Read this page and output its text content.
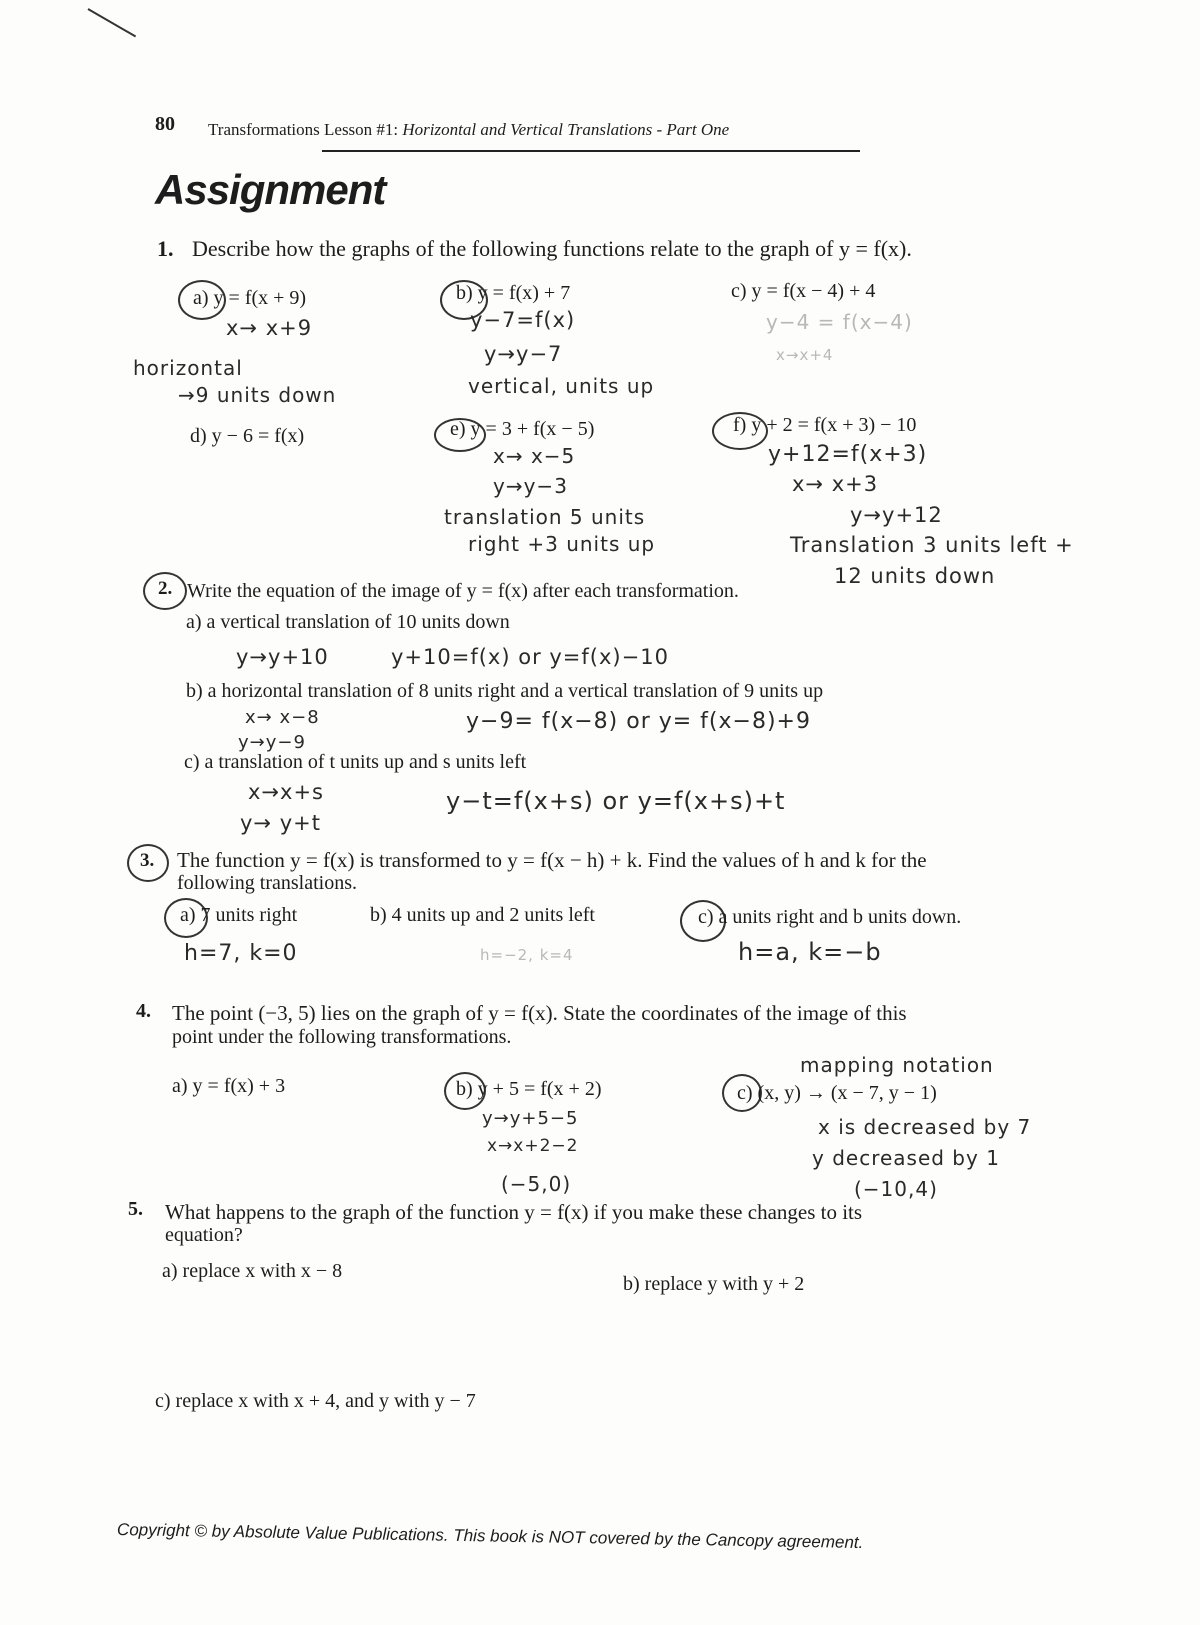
80 Transformations Lesson #1: Horizontal and Vertical Translations - Part One
Assignment
1. Describe how the graphs of the following functions relate to the graph of y = f(x).
a) y = f(x + 9)
x→ x+9
horizontal
→9 units down
b) y = f(x) + 7
y−7=f(x)
y→y−7
vertical, units up
c) y = f(x − 4) + 4
y−4 = f(x−4)
x→x+4
d) y − 6 = f(x)	e) y = 3 + f(x − 5)
x→ x−5
y→y−3
translation 5 units
right +3 units up
f) y + 2 = f(x + 3) − 10
y+12=f(x+3)
x→ x+3
y→y+12
Translation 3 units left +
12 units down
2. Write the equation of the image of y = f(x) after each transformation.
a) a vertical translation of 10 units down
y→y+10	y+10=f(x) or y=f(x)−10
b) a horizontal translation of 8 units right and a vertical translation of 9 units up
x→ x−8
y→y−9
y−9= f(x−8) or y= f(x−8)+9
c) a translation of t units up and s units left
x→x+s
y→ y+t
y−t=f(x+s) or y=f(x+s)+t
3. The function y = f(x) is transformed to y = f(x − h) + k. Find the values of h and k for the
following translations.
a) 7 units right
h=7, k=0
b) 4 units up and 2 units left
h=−2, k=4
c) a units right and b units down.
h=a, k=−b
4. The point (−3, 5) lies on the graph of y = f(x). State the coordinates of the image of this
point under the following transformations.
a) y = f(x) + 3	b) y + 5 = f(x + 2)
y→y+5−5
x→x+2−2
(−5,0)
mapping notation
c) (x, y) → (x − 7, y − 1)
x is decreased by 7
y decreased by 1
(−10,4)
5. What happens to the graph of the function y = f(x) if you make these changes to its
equation?
a) replace x with x − 8
b) replace y with y + 2
c) replace x with x + 4, and y with y − 7
Copyright © by Absolute Value Publications. This book is NOT covered by the Cancopy agreement.
